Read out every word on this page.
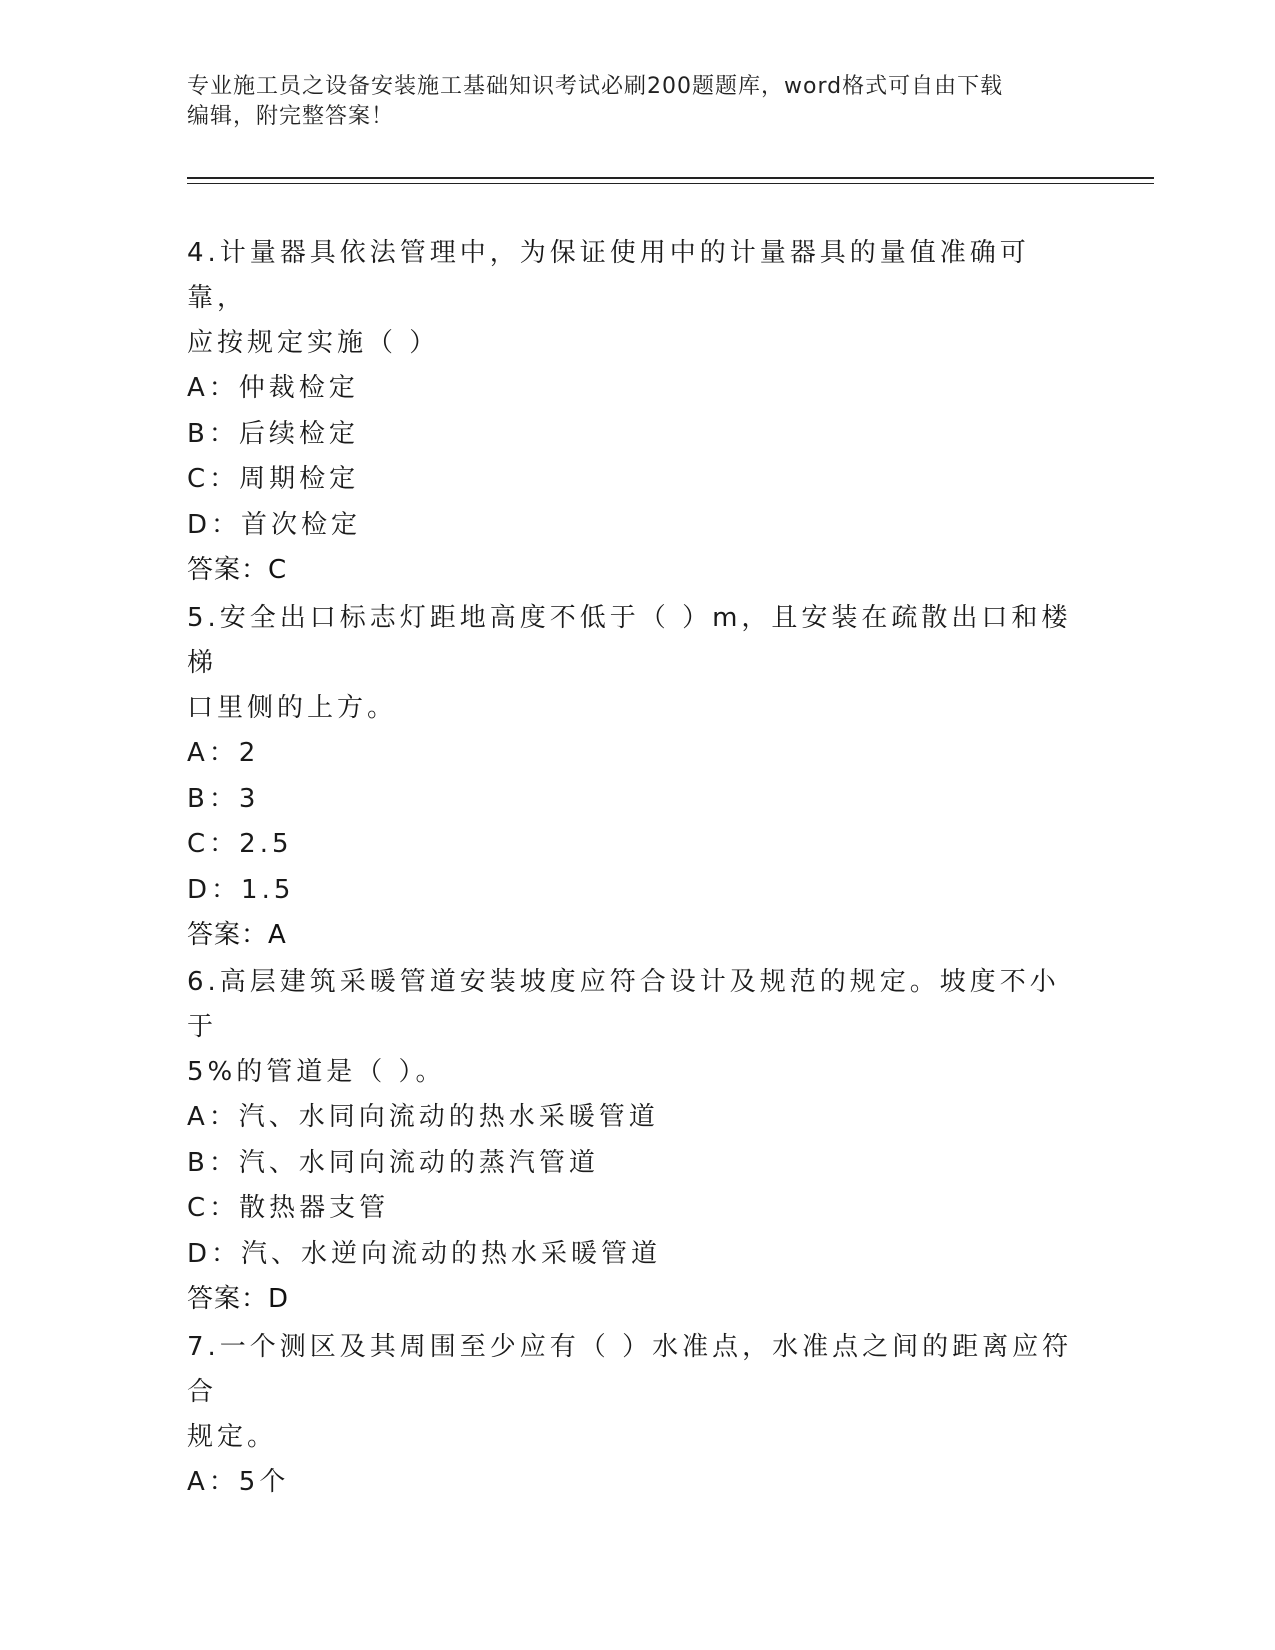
专业施工员之设备安装施工基础知识考试必刷200题题库，word格式可自由下载
编辑，附完整答案！

4.计量器具依法管理中，为保证使用中的计量器具的量值准确可靠，

应按规定实施（ ）

A：仲裁检定

B：后续检定

C：周期检定

D：首次检定

答案：C

5.安全出口标志灯距地高度不低于（ ）m，且安装在疏散出口和楼梯

口里侧的上方。

A：2

B：3

C：2.5

D：1.5

答案：A

6.高层建筑采暖管道安装坡度应符合设计及规范的规定。坡度不小于

5%的管道是（ ）。

A：汽、水同向流动的热水采暖管道

B：汽、水同向流动的蒸汽管道

C：散热器支管

D：汽、水逆向流动的热水采暖管道

答案：D

7.一个测区及其周围至少应有（ ）水准点，水准点之间的距离应符合

规定。

A：5个
